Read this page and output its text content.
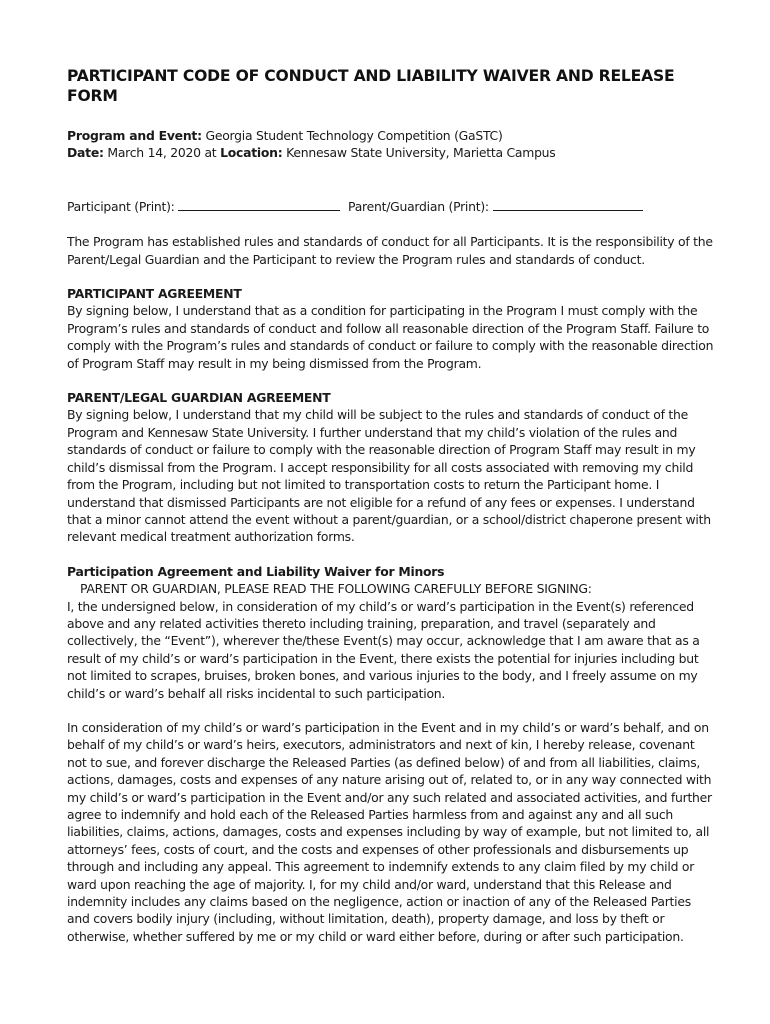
PARTICIPANT CODE OF CONDUCT AND LIABILITY WAIVER AND RELEASE FORM
Program and Event: Georgia Student Technology Competition (GaSTC)
Date: March 14, 2020 at Location: Kennesaw State University, Marietta Campus
Participant (Print):	Parent/Guardian (Print):

The Program has established rules and standards of conduct for all Participants. It is the responsibility of the Parent/Legal Guardian and the Participant to review the Program rules and standards of conduct.

PARTICIPANT AGREEMENT

By signing below, I understand that as a condition for participating in the Program I must comply with the Program’s rules and standards of conduct and follow all reasonable direction of the Program Staff. Failure to comply with the Program’s rules and standards of conduct or failure to comply with the reasonable direction of Program Staff may result in my being dismissed from the Program.

PARENT/LEGAL GUARDIAN AGREEMENT

By signing below, I understand that my child will be subject to the rules and standards of conduct of the Program and Kennesaw State University. I further understand that my child’s violation of the rules and standards of conduct or failure to comply with the reasonable direction of Program Staff may result in my child’s dismissal from the Program. I accept responsibility for all costs associated with removing my child from the Program, including but not limited to transportation costs to return the Participant home. I understand that dismissed Participants are not eligible for a refund of any fees or expenses. I understand that a minor cannot attend the event without a parent/guardian, or a school/district chaperone present with relevant medical treatment authorization forms.

Participation Agreement and Liability Waiver for Minors
PARENT OR GUARDIAN, PLEASE READ THE FOLLOWING CAREFULLY BEFORE SIGNING:

I, the undersigned below, in consideration of my child’s or ward’s participation in the Event(s) referenced above and any related activities thereto including training, preparation, and travel (separately and collectively, the “Event”), wherever the/these Event(s) may occur, acknowledge that I am aware that as a result of my child’s or ward’s participation in the Event, there exists the potential for injuries including but not limited to scrapes, bruises, broken bones, and various injuries to the body, and I freely assume on my child’s or ward’s behalf all risks incidental to such participation.

In consideration of my child’s or ward’s participation in the Event and in my child’s or ward’s behalf, and on behalf of my child’s or ward’s heirs, executors, administrators and next of kin, I hereby release, covenant not to sue, and forever discharge the Released Parties (as defined below) of and from all liabilities, claims, actions, damages, costs and expenses of any nature arising out of, related to, or in any way connected with my child’s or ward’s participation in the Event and/or any such related and associated activities, and further agree to indemnify and hold each of the Released Parties harmless from and against any and all such liabilities, claims, actions, damages, costs and expenses including by way of example, but not limited to, all attorneys’ fees, costs of court, and the costs and expenses of other professionals and disbursements up through and including any appeal. This agreement to indemnify extends to any claim filed by my child or ward upon reaching the age of majority. I, for my child and/or ward, understand that this Release and indemnity includes any claims based on the negligence, action or inaction of any of the Released Parties and covers bodily injury (including, without limitation, death), property damage, and loss by theft or otherwise, whether suffered by me or my child or ward either before, during or after such participation.
